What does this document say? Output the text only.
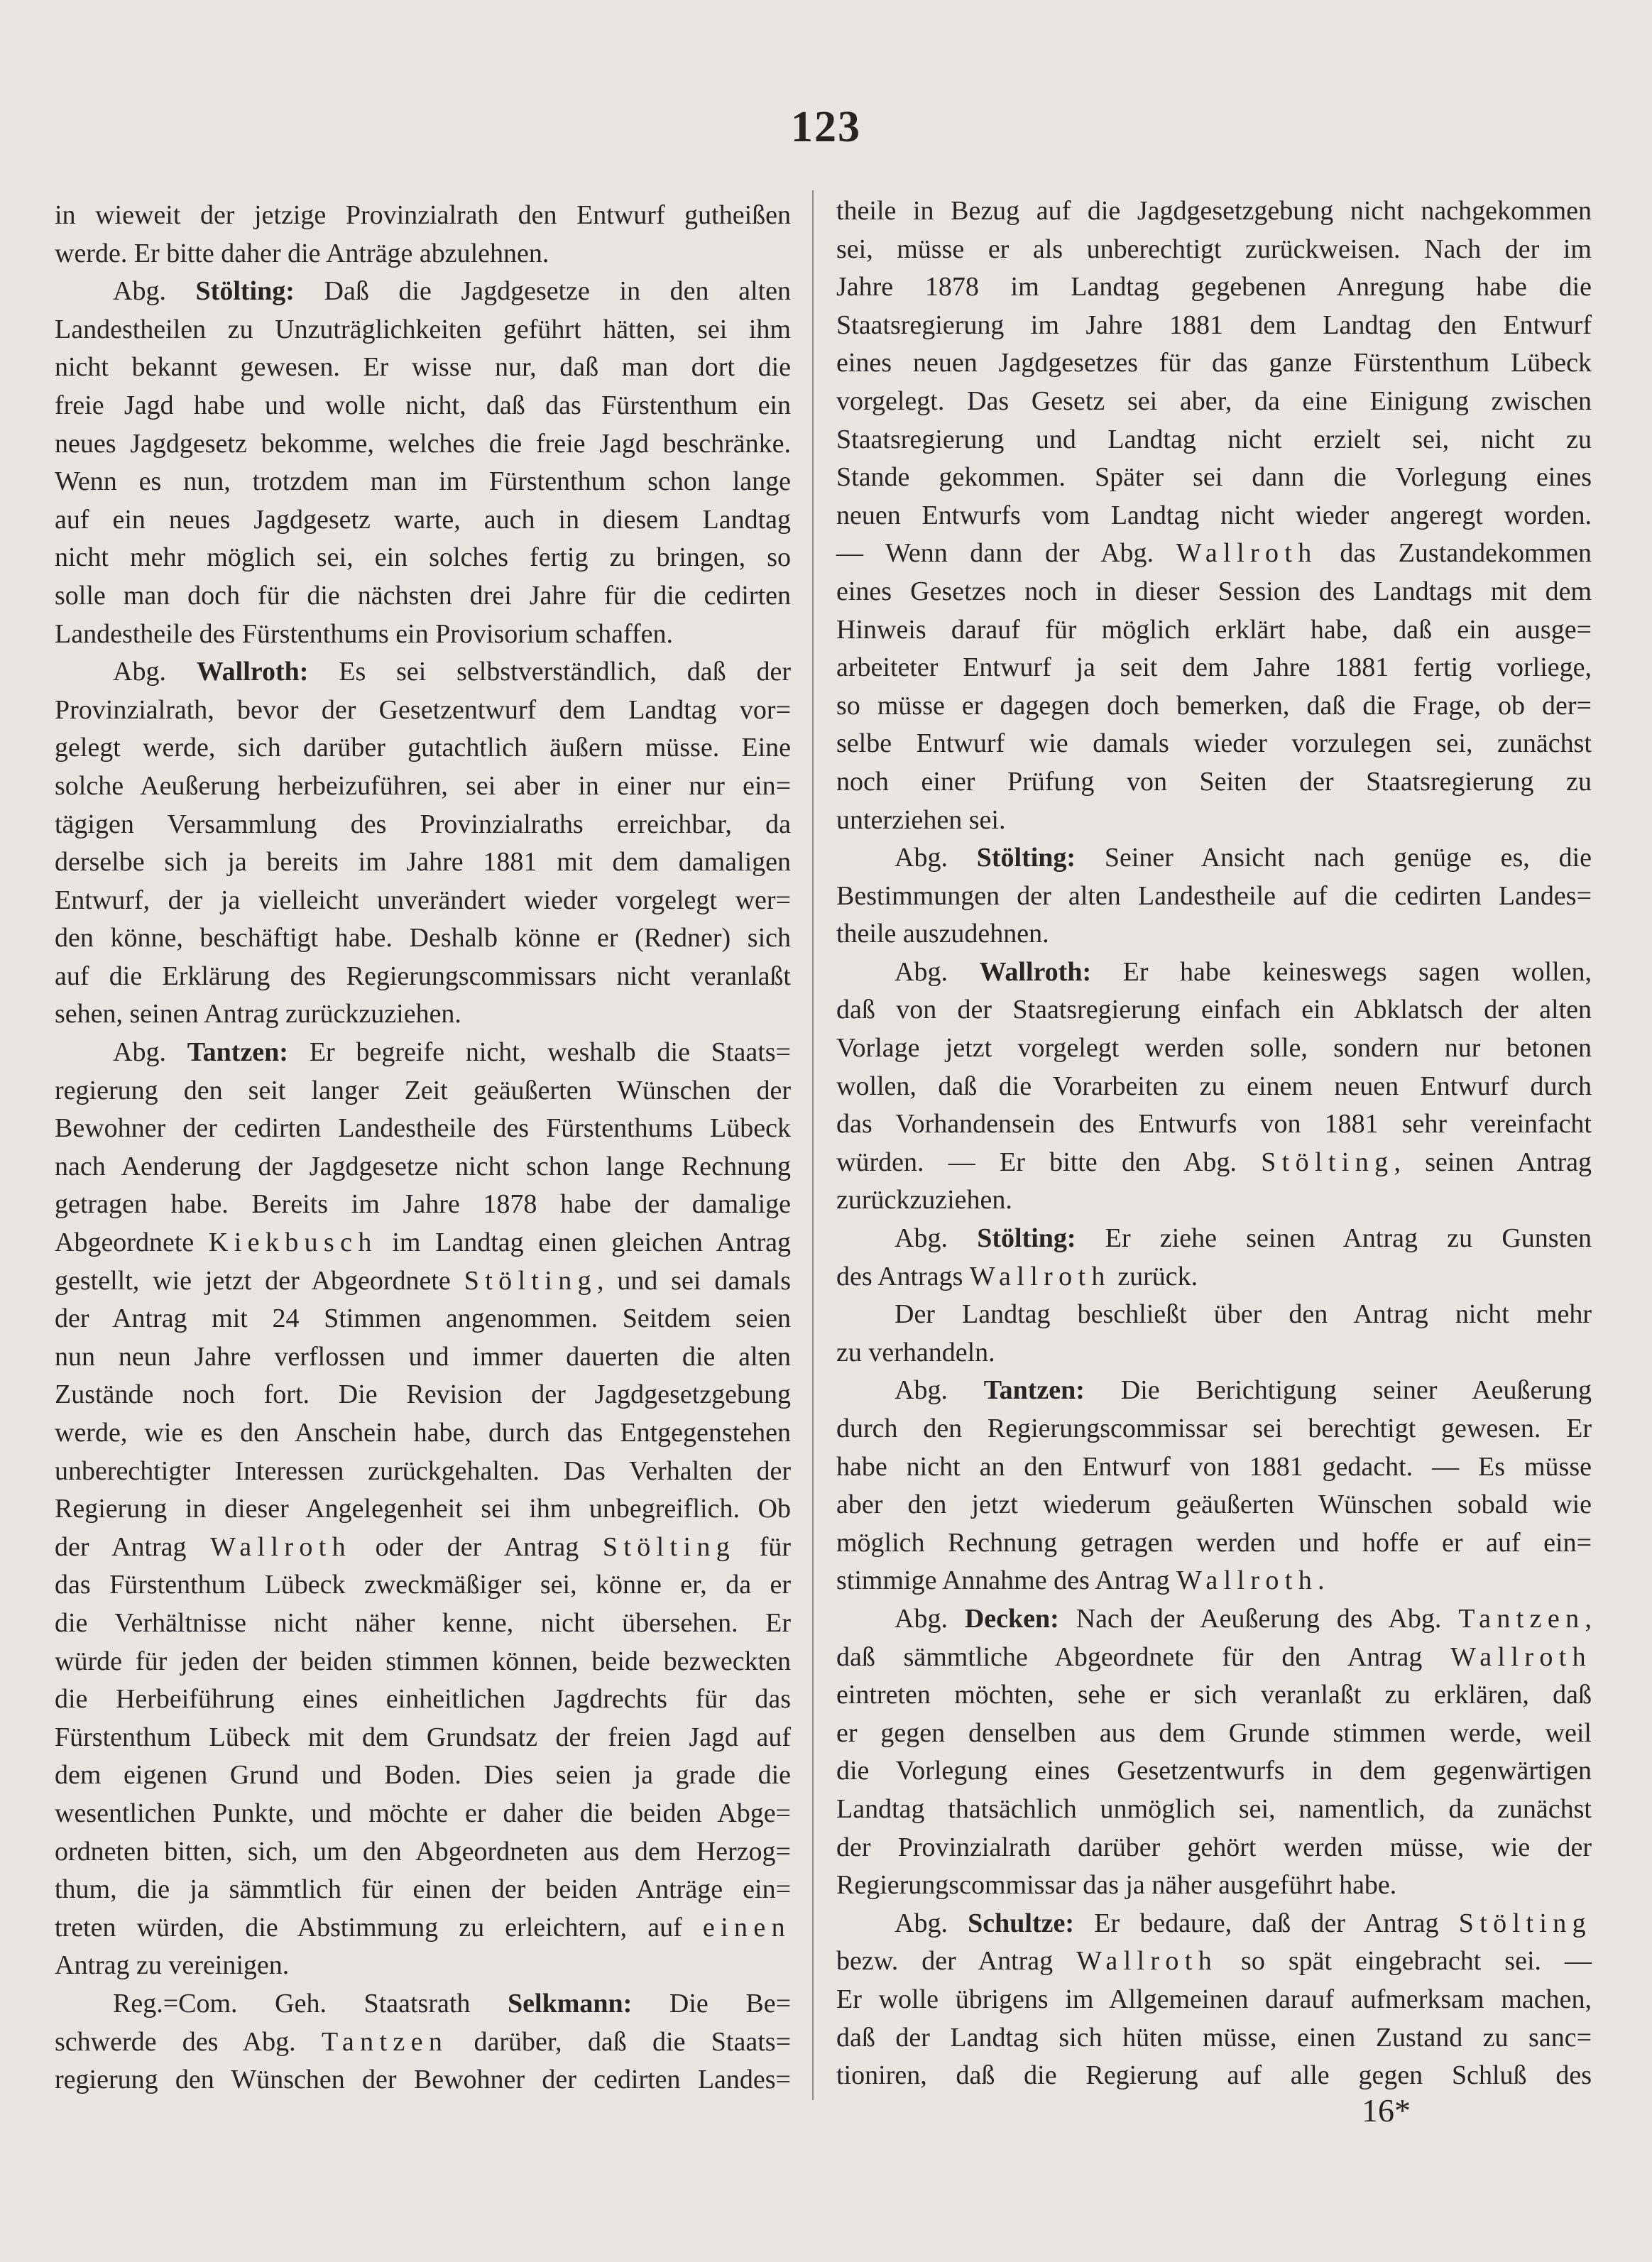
123
in wieweit der jetzige Provinzialrath den Entwurf gutheißen
werde. Er bitte daher die Anträge abzulehnen.
Abg. Stölting: Daß die Jagdgesetze in den alten
Landestheilen zu Unzuträglichkeiten geführt hätten, sei ihm
nicht bekannt gewesen. Er wisse nur, daß man dort die
freie Jagd habe und wolle nicht, daß das Fürstenthum ein
neues Jagdgesetz bekomme, welches die freie Jagd beschränke.
Wenn es nun, trotzdem man im Fürstenthum schon lange
auf ein neues Jagdgesetz warte, auch in diesem Landtag
nicht mehr möglich sei, ein solches fertig zu bringen, so
solle man doch für die nächsten drei Jahre für die cedirten
Landestheile des Fürstenthums ein Provisorium schaffen.
Abg. Wallroth: Es sei selbstverständlich, daß der
Provinzialrath, bevor der Gesetzentwurf dem Landtag vor=
gelegt werde, sich darüber gutachtlich äußern müsse. Eine
solche Aeußerung herbeizuführen, sei aber in einer nur ein=
tägigen Versammlung des Provinzialraths erreichbar, da
derselbe sich ja bereits im Jahre 1881 mit dem damaligen
Entwurf, der ja vielleicht unverändert wieder vorgelegt wer=
den könne, beschäftigt habe. Deshalb könne er (Redner) sich
auf die Erklärung des Regierungscommissars nicht veranlaßt
sehen, seinen Antrag zurückzuziehen.
Abg. Tantzen: Er begreife nicht, weshalb die Staats=
regierung den seit langer Zeit geäußerten Wünschen der
Bewohner der cedirten Landestheile des Fürstenthums Lübeck
nach Aenderung der Jagdgesetze nicht schon lange Rechnung
getragen habe. Bereits im Jahre 1878 habe der damalige
Abgeordnete Kiekbusch im Landtag einen gleichen Antrag
gestellt, wie jetzt der Abgeordnete Stölting, und sei damals
der Antrag mit 24 Stimmen angenommen. Seitdem seien
nun neun Jahre verflossen und immer dauerten die alten
Zustände noch fort. Die Revision der Jagdgesetzgebung
werde, wie es den Anschein habe, durch das Entgegenstehen
unberechtigter Interessen zurückgehalten. Das Verhalten der
Regierung in dieser Angelegenheit sei ihm unbegreiflich. Ob
der Antrag Wallroth oder der Antrag Stölting für
das Fürstenthum Lübeck zweckmäßiger sei, könne er, da er
die Verhältnisse nicht näher kenne, nicht übersehen. Er
würde für jeden der beiden stimmen können, beide bezweckten
die Herbeiführung eines einheitlichen Jagdrechts für das
Fürstenthum Lübeck mit dem Grundsatz der freien Jagd auf
dem eigenen Grund und Boden. Dies seien ja grade die
wesentlichen Punkte, und möchte er daher die beiden Abge=
ordneten bitten, sich, um den Abgeordneten aus dem Herzog=
thum, die ja sämmtlich für einen der beiden Anträge ein=
treten würden, die Abstimmung zu erleichtern, auf einen
Antrag zu vereinigen.
Reg.=Com. Geh. Staatsrath Selkmann: Die Be=
schwerde des Abg. Tantzen darüber, daß die Staats=
regierung den Wünschen der Bewohner der cedirten Landes=
theile in Bezug auf die Jagdgesetzgebung nicht nachgekommen
sei, müsse er als unberechtigt zurückweisen. Nach der im
Jahre 1878 im Landtag gegebenen Anregung habe die
Staatsregierung im Jahre 1881 dem Landtag den Entwurf
eines neuen Jagdgesetzes für das ganze Fürstenthum Lübeck
vorgelegt. Das Gesetz sei aber, da eine Einigung zwischen
Staatsregierung und Landtag nicht erzielt sei, nicht zu
Stande gekommen. Später sei dann die Vorlegung eines
neuen Entwurfs vom Landtag nicht wieder angeregt worden.
— Wenn dann der Abg. Wallroth das Zustandekommen
eines Gesetzes noch in dieser Session des Landtags mit dem
Hinweis darauf für möglich erklärt habe, daß ein ausge=
arbeiteter Entwurf ja seit dem Jahre 1881 fertig vorliege,
so müsse er dagegen doch bemerken, daß die Frage, ob der=
selbe Entwurf wie damals wieder vorzulegen sei, zunächst
noch einer Prüfung von Seiten der Staatsregierung zu
unterziehen sei.
Abg. Stölting: Seiner Ansicht nach genüge es, die
Bestimmungen der alten Landestheile auf die cedirten Landes=
theile auszudehnen.
Abg. Wallroth: Er habe keineswegs sagen wollen,
daß von der Staatsregierung einfach ein Abklatsch der alten
Vorlage jetzt vorgelegt werden solle, sondern nur betonen
wollen, daß die Vorarbeiten zu einem neuen Entwurf durch
das Vorhandensein des Entwurfs von 1881 sehr vereinfacht
würden. — Er bitte den Abg. Stölting, seinen Antrag
zurückzuziehen.
Abg. Stölting: Er ziehe seinen Antrag zu Gunsten
des Antrags Wallroth zurück.
Der Landtag beschließt über den Antrag nicht mehr
zu verhandeln.
Abg. Tantzen: Die Berichtigung seiner Aeußerung
durch den Regierungscommissar sei berechtigt gewesen. Er
habe nicht an den Entwurf von 1881 gedacht. — Es müsse
aber den jetzt wiederum geäußerten Wünschen sobald wie
möglich Rechnung getragen werden und hoffe er auf ein=
stimmige Annahme des Antrag Wallroth.
Abg. Decken: Nach der Aeußerung des Abg. Tantzen,
daß sämmtliche Abgeordnete für den Antrag Wallroth
eintreten möchten, sehe er sich veranlaßt zu erklären, daß
er gegen denselben aus dem Grunde stimmen werde, weil
die Vorlegung eines Gesetzentwurfs in dem gegenwärtigen
Landtag thatsächlich unmöglich sei, namentlich, da zunächst
der Provinzialrath darüber gehört werden müsse, wie der
Regierungscommissar das ja näher ausgeführt habe.
Abg. Schultze: Er bedaure, daß der Antrag Stölting
bezw. der Antrag Wallroth so spät eingebracht sei. —
Er wolle übrigens im Allgemeinen darauf aufmerksam machen,
daß der Landtag sich hüten müsse, einen Zustand zu sanc=
tioniren, daß die Regierung auf alle gegen Schluß des
16*
